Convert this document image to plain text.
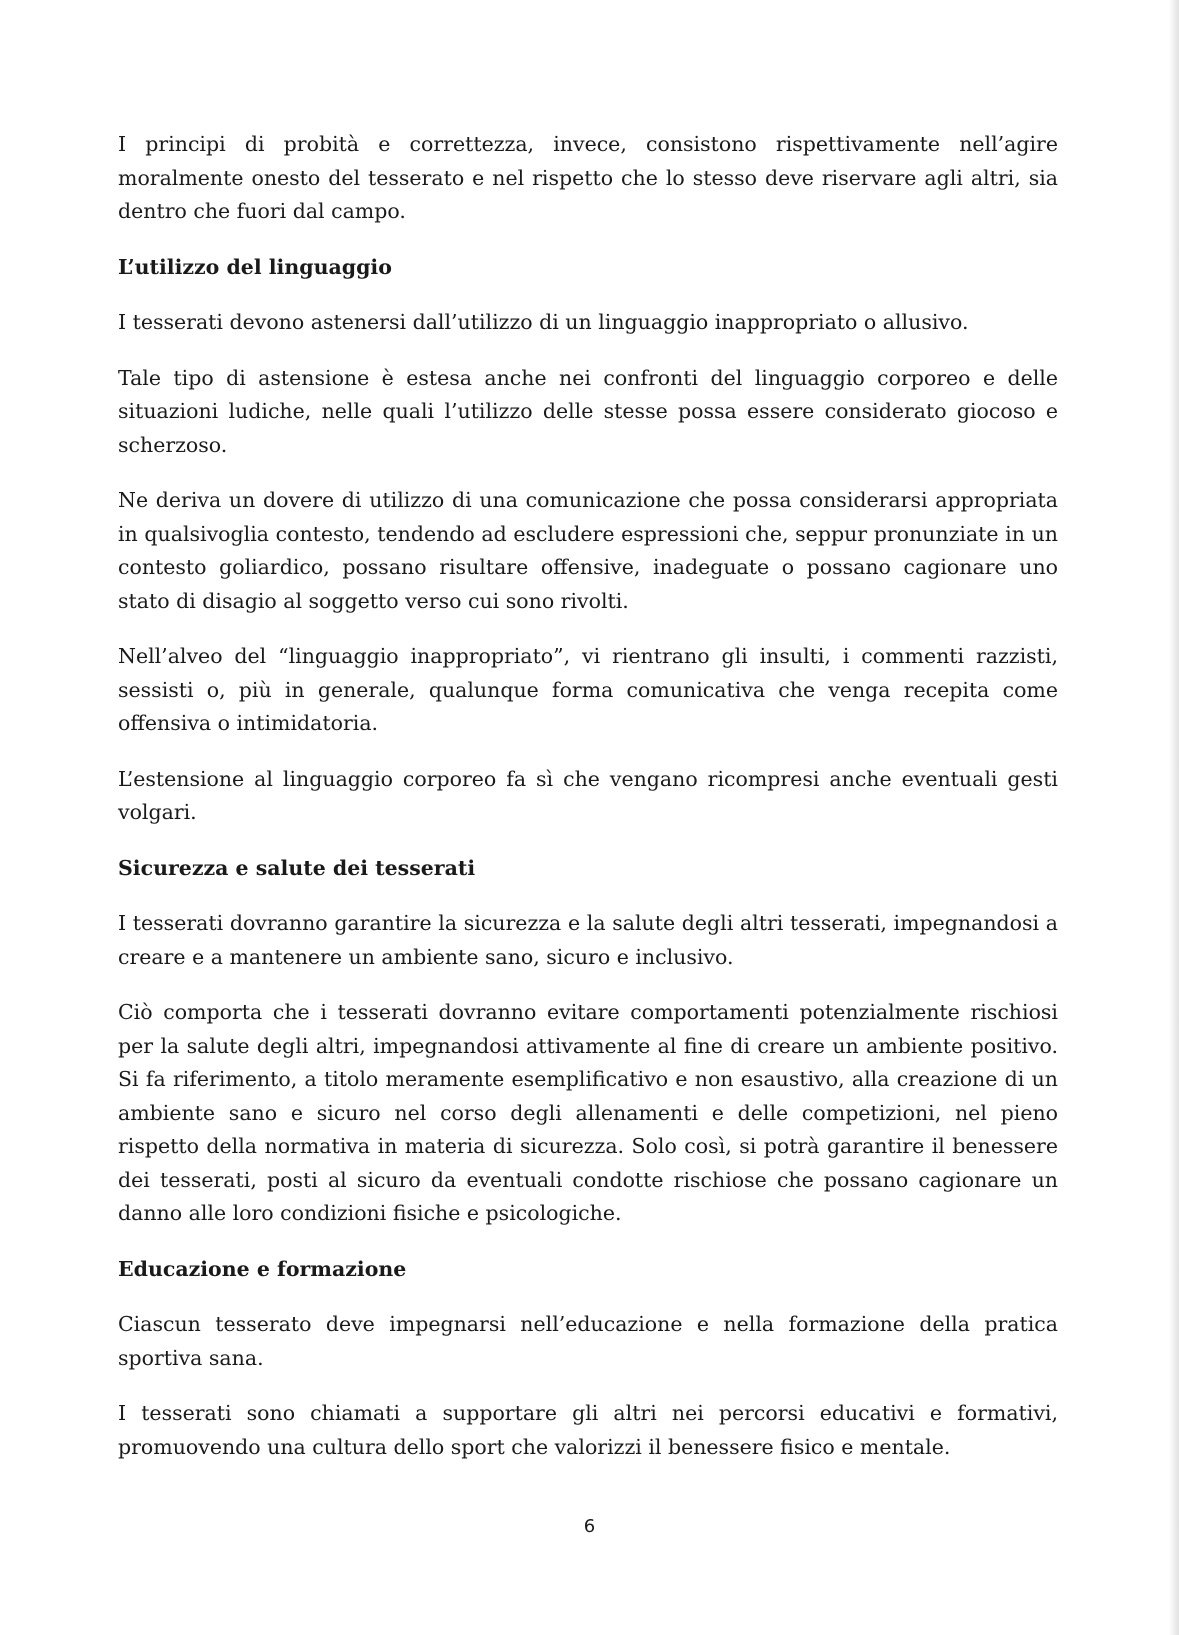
I principi di probità e correttezza, invece, consistono rispettivamente nell’agire moralmente onesto del tesserato e nel rispetto che lo stesso deve riservare agli altri, sia dentro che fuori dal campo.

L’utilizzo del linguaggio

I tesserati devono astenersi dall’utilizzo di un linguaggio inappropriato o allusivo.

Tale tipo di astensione è estesa anche nei confronti del linguaggio corporeo e delle situazioni ludiche, nelle quali l’utilizzo delle stesse possa essere considerato giocoso e scherzoso.

Ne deriva un dovere di utilizzo di una comunicazione che possa considerarsi appropriata in qualsivoglia contesto, tendendo ad escludere espressioni che, seppur pronunziate in un contesto goliardico, possano risultare offensive, inadeguate o possano cagionare uno stato di disagio al soggetto verso cui sono rivolti.

Nell’alveo del “linguaggio inappropriato”, vi rientrano gli insulti, i commenti razzisti, sessisti o, più in generale, qualunque forma comunicativa che venga recepita come offensiva o intimidatoria.

L’estensione al linguaggio corporeo fa sì che vengano ricompresi anche eventuali gesti volgari.

Sicurezza e salute dei tesserati

I tesserati dovranno garantire la sicurezza e la salute degli altri tesserati, impegnandosi a creare e a mantenere un ambiente sano, sicuro e inclusivo.

Ciò comporta che i tesserati dovranno evitare comportamenti potenzialmente rischiosi per la salute degli altri, impegnandosi attivamente al fine di creare un ambiente positivo. Si fa riferimento, a titolo meramente esemplificativo e non esaustivo, alla creazione di un ambiente sano e sicuro nel corso degli allenamenti e delle competizioni, nel pieno rispetto della normativa in materia di sicurezza. Solo così, si potrà garantire il benessere dei tesserati, posti al sicuro da eventuali condotte rischiose che possano cagionare un danno alle loro condizioni fisiche e psicologiche.

Educazione e formazione

Ciascun tesserato deve impegnarsi nell’educazione e nella formazione della pratica sportiva sana.

I tesserati sono chiamati a supportare gli altri nei percorsi educativi e formativi, promuovendo una cultura dello sport che valorizzi il benessere fisico e mentale.

6
